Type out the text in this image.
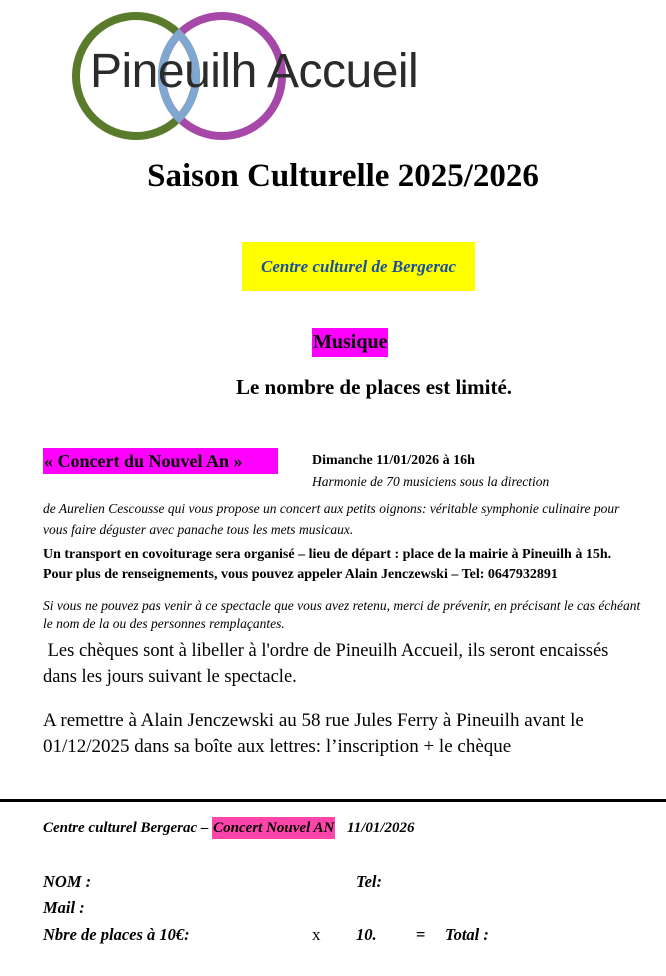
Pineuilh Accueil
Saison Culturelle 2025/2026
Centre culturel de Bergerac
Musique
Le nombre de places est limité.
« Concert du Nouvel An »	Dimanche 11/01/2026 à 16h
Harmonie de 70 musiciens sous la direction
de Aurelien Cescousse qui vous propose un concert aux petits oignons: véritable symphonie culinaire pour vous faire déguster avec panache tous les mets musicaux.
Un transport en covoiturage sera organisé – lieu de départ : place de la mairie à Pineuilh à 15h. Pour plus de renseignements, vous pouvez appeler Alain Jenczewski – Tel: 0647932891
Si vous ne pouvez pas venir à ce spectacle que vous avez retenu, merci de prévenir, en précisant le cas échéant le nom de la ou des personnes remplaçantes.
Les chèques sont à libeller à l'ordre de Pineuilh Accueil, ils seront encaissés dans les jours suivant le spectacle.
A remettre à Alain Jenczewski au 58 rue Jules Ferry à Pineuilh avant le 01/12/2025 dans sa boîte aux lettres: l’inscription + le chèque
Centre culturel Bergerac – Concert Nouvel AN 11/01/2026
NOM :	Tel:
Mail :
Nbre de places à 10€:	x 10. = Total :
